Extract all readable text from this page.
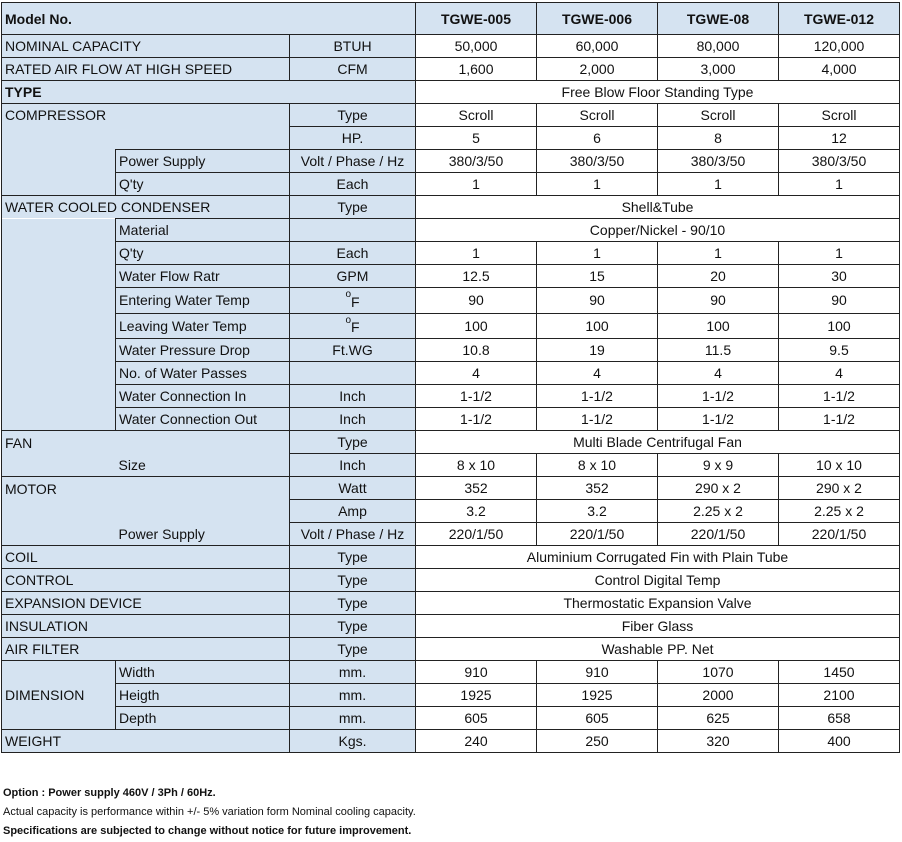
Model No.			TGWE-005	TGWE-006	TGWE-08	TGWE-012
NOMINAL CAPACITY		BTUH	50,000	60,000	80,000	120,000
RATED AIR FLOW AT HIGH SPEED		CFM	1,600	2,000	3,000	4,000
TYPE			Free Blow Floor Standing Type			
COMPRESSOR		Type	Scroll	Scroll	Scroll	Scroll
		HP.	5	6	8	12
	Power Supply	Volt / Phase / Hz	380/3/50	380/3/50	380/3/50	380/3/50
	Q'ty	Each	1	1	1	1
WATER COOLED CONDENSER		Type	Shell&Tube			
	Material		Copper/Nickel - 90/10			
	Q'ty	Each	1	1	1	1
	Water Flow Ratr	GPM	12.5	15	20	30
	Entering Water Temp	$^o$F	90	90	90	90
	Leaving Water Temp	$^o$F	100	100	100	100
	Water Pressure Drop	Ft.WG	10.8	19	11.5	9.5
	No. of Water Passes		4	4	4	4
	Water Connection In	Inch	1-1/2	1-1/2	1-1/2	1-1/2
	Water Connection Out	Inch	1-1/2	1-1/2	1-1/2	1-1/2
FAN		Type	Multi Blade Centrifugal Fan			
	Size	Inch	8 x 10	8 x 10	9 x 9	10 x 10
MOTOR		Watt	352	352	290 x 2	290 x 2
		Amp	3.2	3.2	2.25 x 2	2.25 x 2
	Power Supply	Volt / Phase / Hz	220/1/50	220/1/50	220/1/50	220/1/50
COIL		Type	Aluminium Corrugated Fin with Plain Tube			
CONTROL		Type	Control Digital Temp			
EXPANSION DEVICE		Type	Thermostatic Expansion Valve			
INSULATION		Type	Fiber Glass			
AIR FILTER		Type	Washable PP. Net			
DIMENSION	Width	mm.	910	910	1070	1450
	Heigth	mm.	1925	1925	2000	2100
	Depth	mm.	605	605	625	658
WEIGHT		Kgs.	240	250	320	400
Option : Power supply 460V / 3Ph / 60Hz.
Actual capacity is performance within +/- 5% variation form Nominal cooling capacity.
Specifications are subjected to change without notice for future improvement.
